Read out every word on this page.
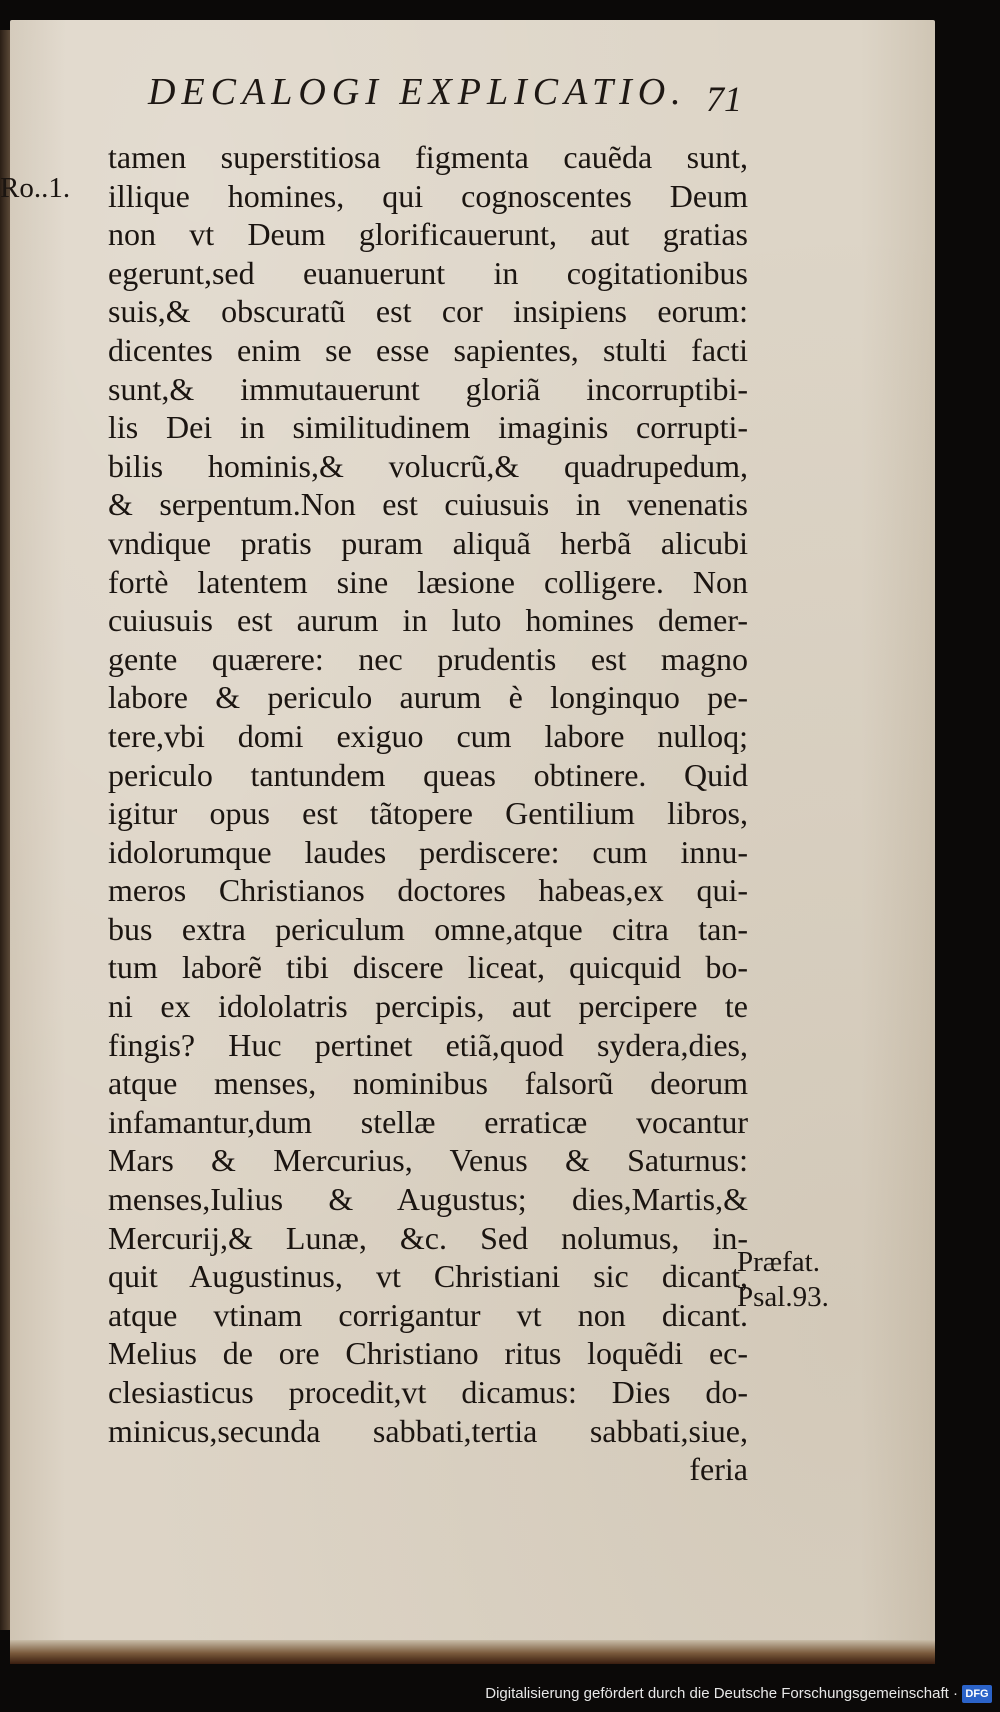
DECALOGI EXPLICATIO. 71
Ro..1.
Præfat.
Psal.93.
tamen superstitiosa figmenta cauẽda sunt,
illique homines, qui cognoscentes Deum
non vt Deum glorificauerunt, aut gratias
egerunt,sed euanuerunt in cogitationibus
suis,& obscuratũ est cor insipiens eorum:
dicentes enim se esse sapientes, stulti facti
sunt,& immutauerunt gloriã incorruptibi-
lis Dei in similitudinem imaginis corrupti-
bilis hominis,& volucrũ,& quadrupedum,
& serpentum.Non est cuiusuis in venenatis
vndique pratis puram aliquã herbã alicubi
fortè latentem sine læsione colligere. Non
cuiusuis est aurum in luto homines demer-
gente quærere: nec prudentis est magno
labore & periculo aurum è longinquo pe-
tere,vbi domi exiguo cum labore nulloq;
periculo tantundem queas obtinere. Quid
igitur opus est tãtopere Gentilium libros,
idolorumque laudes perdiscere: cum innu-
meros Christianos doctores habeas,ex qui-
bus extra periculum omne,atque citra tan-
tum laborẽ tibi discere liceat, quicquid bo-
ni ex idololatris percipis, aut percipere te
fingis? Huc pertinet etiã,quod sydera,dies,
atque menses, nominibus falsorũ deorum
infamantur,dum stellæ erraticæ vocantur
Mars & Mercurius, Venus & Saturnus:
menses,Iulius & Augustus; dies,Martis,&
Mercurij,& Lunæ, &c. Sed nolumus, in-
quit Augustinus, vt Christiani sic dicant,
atque vtinam corrigantur vt non dicant.
Melius de ore Christiano ritus loquẽdi ec-
clesiasticus procedit,vt dicamus: Dies do-
minicus,secunda sabbati,tertia sabbati,siue,
feria
Digitalisierung gefördert durch die Deutsche Forschungsgemeinschaft · DFG
